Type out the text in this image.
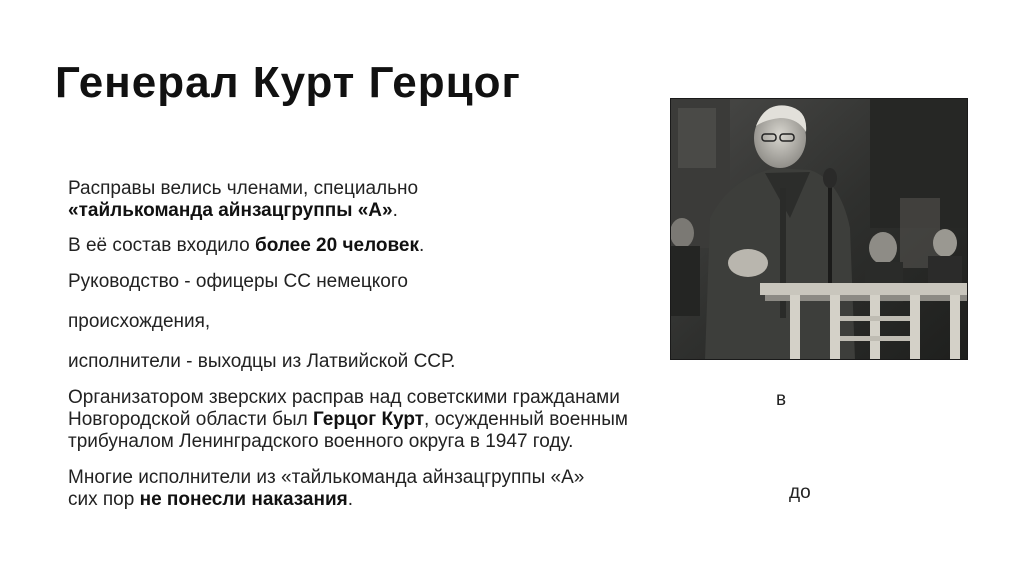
Генерал Курт Герцог
Расправы велись членами, специально
«тайлькоманда айнзацгруппы «А».
В её состав входило более 20 человек.
Руководство - офицеры СС немецкого
происхождения,
исполнители - выходцы из Латвийской ССР.
Организатором зверских расправ над советскими гражданами
Новгородской области был Герцог Курт, осужденный военным
трибуналом Ленинградского военного округа в 1947 году.
Многие исполнители из «тайлькоманда айнзацгруппы «А»
сих пор не понесли наказания.
в
до
